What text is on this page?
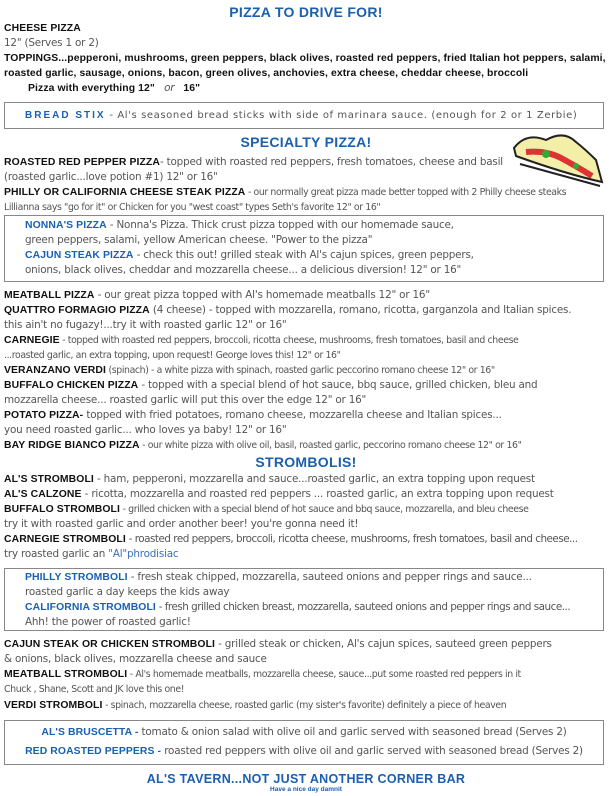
PIZZA TO DRIVE FOR!
CHEESE PIZZA
12" (Serves 1 or 2)
TOPPINGS...pepperoni, mushrooms, green peppers, black olives, roasted red peppers, fried Italian hot peppers, salami,
roasted garlic, sausage, onions, bacon, green olives, anchovies, extra cheese, cheddar cheese, broccoli
Pizza with everything 12" or 16"
BREAD STIX - Al's seasoned bread sticks with side of marinara sauce. (enough for 2 or 1 Zerbie)
SPECIALTY PIZZA!
ROASTED RED PEPPER PIZZA- topped with roasted red peppers, fresh tomatoes, cheese and basil
(roasted garlic...love potion #1) 12" or 16"
PHILLY OR CALIFORNIA CHEESE STEAK PIZZA - our normally great pizza made better topped with 2 Philly cheese steaks
Lillianna says "go for it" or Chicken for you "west coast" types Seth's favorite 12" or 16"
NONNA'S PIZZA - Nonna's Pizza. Thick crust pizza topped with our homemade sauce,
green peppers, salami, yellow American cheese. "Power to the pizza"
CAJUN STEAK PIZZA - check this out! grilled steak with Al's cajun spices, green peppers,
onions, black olives, cheddar and mozzarella cheese... a delicious diversion! 12" or 16"
MEATBALL PIZZA - our great pizza topped with Al's homemade meatballs 12" or 16"
QUATTRO FORMAGIO PIZZA (4 cheese) - topped with mozzarella, romano, ricotta, garganzola and Italian spices.
this ain't no fugazy!...try it with roasted garlic 12" or 16"
CARNEGIE - topped with roasted red peppers, broccoli, ricotta cheese, mushrooms, fresh tomatoes, basil and cheese
...roasted garlic, an extra topping, upon request! George loves this! 12" or 16"
VERANZANO VERDI (spinach) - a white pizza with spinach, roasted garlic peccorino romano cheese 12" or 16"
BUFFALO CHICKEN PIZZA - topped with a special blend of hot sauce, bbq sauce, grilled chicken, bleu and
mozzarella cheese... roasted garlic will put this over the edge 12" or 16"
POTATO PIZZA- topped with fried potatoes, romano cheese, mozzarella cheese and Italian spices...
you need roasted garlic... who loves ya baby! 12" or 16"
BAY RIDGE BIANCO PIZZA - our white pizza with olive oil, basil, roasted garlic, peccorino romano cheese 12" or 16"
STROMBOLIS!
AL'S STROMBOLI - ham, pepperoni, mozzarella and sauce...roasted garlic, an extra topping upon request
AL'S CALZONE - ricotta, mozzarella and roasted red peppers ... roasted garlic, an extra topping upon request
BUFFALO STROMBOLI - grilled chicken with a special blend of hot sauce and bbq sauce, mozzarella, and bleu cheese
try it with roasted garlic and order another beer! you're gonna need it!
CARNEGIE STROMBOLI - roasted red peppers, broccoli, ricotta cheese, mushrooms, fresh tomatoes, basil and cheese...
try roasted garlic an "Al"phrodisiac
PHILLY STROMBOLI - fresh steak chipped, mozzarella, sauteed onions and pepper rings and sauce...
roasted garlic a day keeps the kids away
CALIFORNIA STROMBOLI - fresh grilled chicken breast, mozzarella, sauteed onions and pepper rings and sauce...
Ahh! the power of roasted garlic!
CAJUN STEAK OR CHICKEN STROMBOLI - grilled steak or chicken, Al's cajun spices, sauteed green peppers
& onions, black olives, mozzarella cheese and sauce
MEATBALL STROMBOLI - Al's homemade meatballs, mozzarella cheese, sauce...put some roasted red peppers in it
Chuck , Shane, Scott and JK love this one!
VERDI STROMBOLI - spinach, mozzarella cheese, roasted garlic (my sister's favorite) definitely a piece of heaven
AL'S BRUSCETTA - tomato & onion salad with olive oil and garlic served with seasoned bread (Serves 2)
RED ROASTED PEPPERS - roasted red peppers with olive oil and garlic served with seasoned bread (Serves 2)
AL'S TAVERN...NOT JUST ANOTHER CORNER BAR
Have a nice day damnit
